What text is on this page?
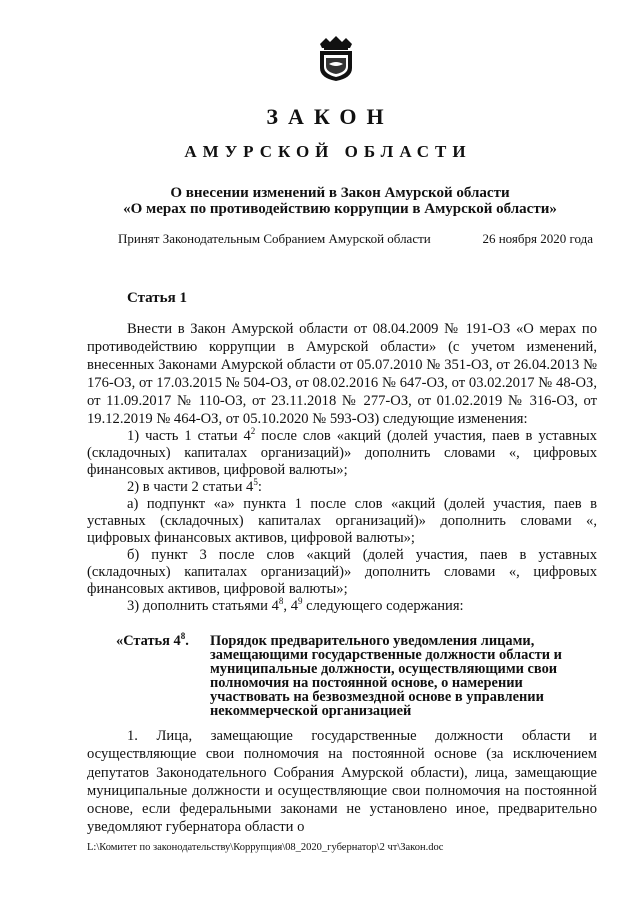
ЗАКОН
АМУРСКОЙ ОБЛАСТИ
О внесении изменений в Закон Амурской области
«О мерах по противодействию коррупции в Амурской области»
Принят Законодательным Собранием Амурской области	26 ноября 2020 года
Статья 1

Внести в Закон Амурской области от 08.04.2009 № 191-ОЗ «О мерах по противодействию коррупции в Амурской области» (с учетом изменений, внесенных Законами Амурской области от 05.07.2010 № 351-ОЗ, от 26.04.2013 № 176-ОЗ, от 17.03.2015 № 504-ОЗ, от 08.02.2016 № 647-ОЗ, от 03.02.2017 № 48-ОЗ, от 11.09.2017 № 110-ОЗ, от 23.11.2018 № 277-ОЗ, от 01.02.2019 № 316-ОЗ, от 19.12.2019 № 464-ОЗ, от 05.10.2020 № 593-ОЗ) следующие изменения:

1) часть 1 статьи $4^2$ после слов «акций (долей участия, паев в уставных (складочных) капиталах организаций)» дополнить словами «, цифровых финансовых активов, цифровой валюты»;

2) в части 2 статьи $4^5$:

а) подпункт «а» пункта 1 после слов «акций (долей участия, паев в уставных (складочных) капиталах организаций)» дополнить словами «, цифровых финансовых активов, цифровой валюты»;

б) пункт 3 после слов «акций (долей участия, паев в уставных (складочных) капиталах организаций)» дополнить словами «, цифровых финансовых активов, цифровой валюты»;

3) дополнить статьями $4^8$, $4^9$ следующего содержания:

«Статья $4^8$. Порядок предварительного уведомления лицами, замещающими государственные должности области и муниципальные должности, осуществляющими свои полномочия на постоянной основе, о намерении участвовать на безвозмездной основе в управлении некоммерческой организацией

1. Лица, замещающие государственные должности области и осуществляющие свои полномочия на постоянной основе (за исключением депутатов Законодательного Собрания Амурской области), лица, замещающие муниципальные должности и осуществляющие свои полномочия на постоянной основе, если федеральными законами не установлено иное, предварительно уведомляют губернатора области о

L:\Комитет по законодательству\Коррупция\08_2020_губернатор\2 чт\Закон.doc
